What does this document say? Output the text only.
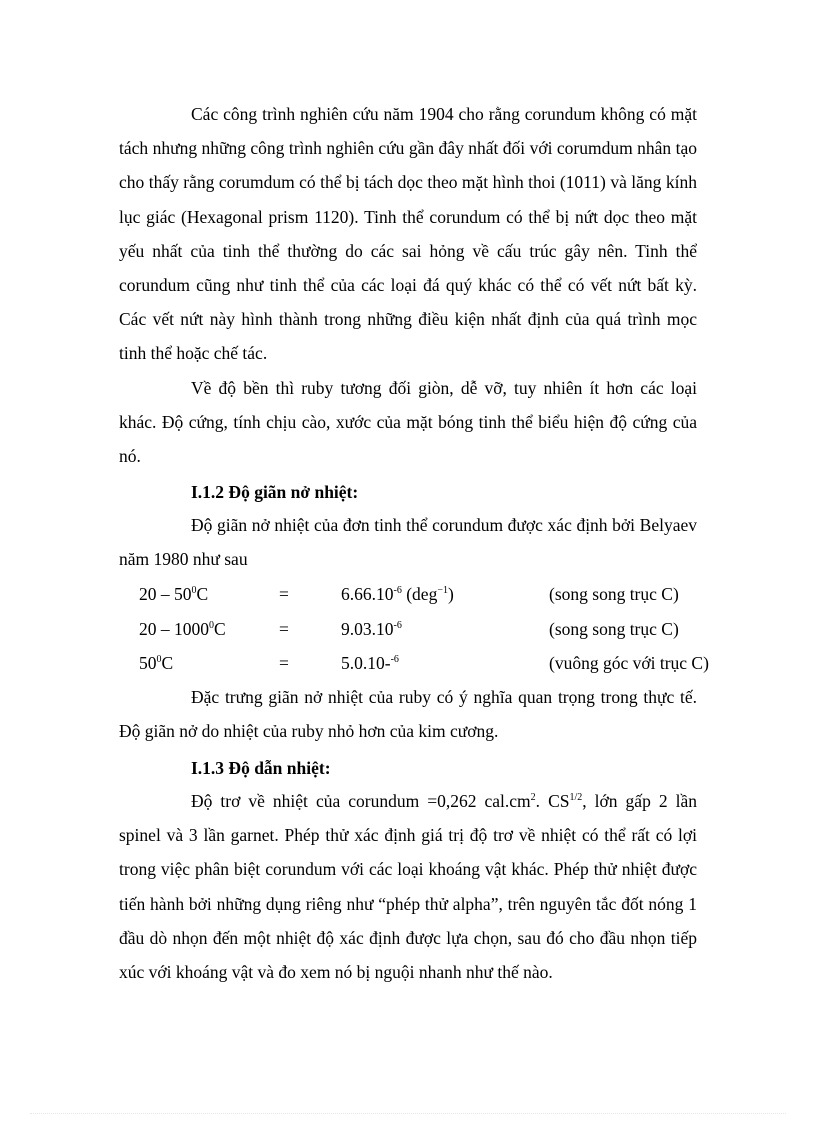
Các công trình nghiên cứu năm 1904 cho rằng corundum không có mặt tách nhưng những công trình nghiên cứu gần đây nhất đối với corumdum nhân tạo cho thấy rằng corumdum có thể bị tách dọc theo mặt hình thoi (1011) và lăng kính lục giác (Hexagonal prism 1120). Tinh thể corundum có thể bị nứt dọc theo mặt yếu nhất của tinh thể thường do các sai hỏng về cấu trúc gây nên. Tinh thể corundum cũng như tinh thể của các loại đá quý khác có thể có vết nứt bất kỳ. Các vết nứt này hình thành trong những điều kiện nhất định của quá trình mọc tinh thể hoặc chế tác.

Về độ bền thì ruby tương đối giòn, dễ vỡ, tuy nhiên ít hơn các loại khác. Độ cứng, tính chịu cào, xước của mặt bóng tinh thể biểu hiện độ cứng của nó.

I.1.2 Độ giãn nở nhiệt:

Độ giãn nở nhiệt của đơn tinh thể corundum được xác định bởi Belyaev năm 1980 như sau

$20 - 50^0C$	=	$6.66.10^{-6}$ (deg$^{-1}$)	(song song trục C)
$20 - 1000^0C$	=	$9.03.10^{-6}$	(song song trục C)
$50^0C$	=	5.0.10-$^{-6}$	(vuông góc với trục C)

Đặc trưng giãn nở nhiệt của ruby có ý nghĩa quan trọng trong thực tế. Độ giãn nở do nhiệt của ruby nhỏ hơn của kim cương.

I.1.3 Độ dẫn nhiệt:

Độ trơ về nhiệt của corundum =0,262 $cal.cm^2$. $CS^{1/2}$, lớn gấp 2 lần spinel và 3 lần garnet. Phép thử xác định giá trị độ trơ về nhiệt có thể rất có lợi trong việc phân biệt corundum với các loại khoáng vật khác. Phép thử nhiệt được tiến hành bởi những dụng riêng như “phép thử alpha”, trên nguyên tắc đốt nóng 1 đầu dò nhọn đến một nhiệt độ xác định được lựa chọn, sau đó cho đầu nhọn tiếp xúc với khoáng vật và đo xem nó bị nguội nhanh như thế nào.
